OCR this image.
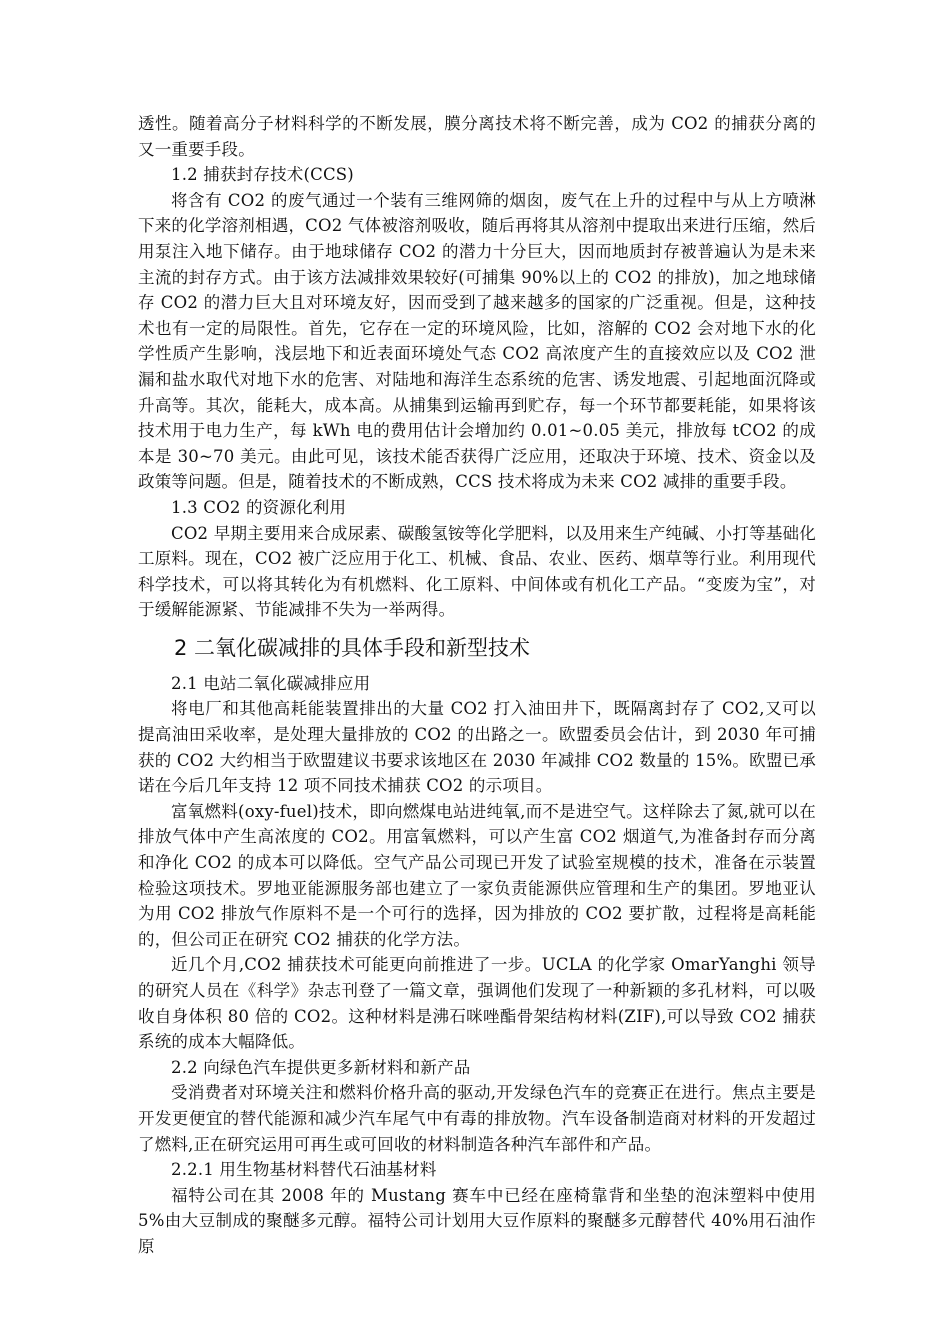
透性。随着高分子材料科学的不断发展，膜分离技术将不断完善，成为 CO2 的捕获分离的又一重要手段。

1.2 捕获封存技术(CCS)

将含有 CO2 的废气通过一个装有三维网筛的烟囱，废气在上升的过程中与从上方喷淋下来的化学溶剂相遇，CO2 气体被溶剂吸收，随后再将其从溶剂中提取出来进行压缩，然后用泵注入地下储存。由于地球储存 CO2 的潜力十分巨大，因而地质封存被普遍认为是未来主流的封存方式。由于该方法减排效果较好(可捕集 90%以上的 CO2 的排放)，加之地球储存 CO2 的潜力巨大且对环境友好，因而受到了越来越多的国家的广泛重视。但是，这种技术也有一定的局限性。首先，它存在一定的环境风险，比如，溶解的 CO2 会对地下水的化学性质产生影响，浅层地下和近表面环境处气态 CO2 高浓度产生的直接效应以及 CO2 泄漏和盐水取代对地下水的危害、对陆地和海洋生态系统的危害、诱发地震、引起地面沉降或升高等。其次，能耗大，成本高。从捕集到运输再到贮存，每一个环节都要耗能，如果将该技术用于电力生产，每 kWh 电的费用估计会增加约 0.01~0.05 美元，排放每 tCO2 的成本是 30~70 美元。由此可见，该技术能否获得广泛应用，还取决于环境、技术、资金以及政策等问题。但是，随着技术的不断成熟，CCS 技术将成为未来 CO2 减排的重要手段。

1.3 CO2 的资源化利用

CO2 早期主要用来合成尿素、碳酸氢铵等化学肥料，以及用来生产纯碱、小打等基础化工原料。现在，CO2 被广泛应用于化工、机械、食品、农业、医药、烟草等行业。利用现代科学技术，可以将其转化为有机燃料、化工原料、中间体或有机化工产品。“变废为宝”，对于缓解能源紧、节能减排不失为一举两得。

2 二氧化碳减排的具体手段和新型技术

2.1 电站二氧化碳减排应用

将电厂和其他高耗能装置排出的大量 CO2 打入油田井下，既隔离封存了 CO2,又可以提高油田采收率，是处理大量排放的 CO2 的出路之一。欧盟委员会估计，到 2030 年可捕获的 CO2 大约相当于欧盟建议书要求该地区在 2030 年减排 CO2 数量的 15%。欧盟已承诺在今后几年支持 12 项不同技术捕获 CO2 的示项目。

富氧燃料(oxy-fuel)技术，即向燃煤电站进纯氧,而不是进空气。这样除去了氮,就可以在排放气体中产生高浓度的 CO2。用富氧燃料，可以产生富 CO2 烟道气,为准备封存而分离和净化 CO2 的成本可以降低。空气产品公司现已开发了试验室规模的技术，准备在示装置检验这项技术。罗地亚能源服务部也建立了一家负责能源供应管理和生产的集团。罗地亚认为用 CO2 排放气作原料不是一个可行的选择，因为排放的 CO2 要扩散，过程将是高耗能的，但公司正在研究 CO2 捕获的化学方法。

近几个月,CO2 捕获技术可能更向前推进了一步。UCLA 的化学家 OmarYanghi 领导的研究人员在《科学》杂志刊登了一篇文章，强调他们发现了一种新颖的多孔材料，可以吸收自身体积 80 倍的 CO2。这种材料是沸石咪唑酯骨架结构材料(ZIF),可以导致 CO2 捕获系统的成本大幅降低。

2.2 向绿色汽车提供更多新材料和新产品

受消费者对环境关注和燃料价格升高的驱动,开发绿色汽车的竞赛正在进行。焦点主要是开发更便宜的替代能源和减少汽车尾气中有毒的排放物。汽车设备制造商对材料的开发超过了燃料,正在研究运用可再生或可回收的材料制造各种汽车部件和产品。

2.2.1 用生物基材料替代石油基材料

福特公司在其 2008 年的 Mustang 赛车中已经在座椅靠背和坐垫的泡沫塑料中使用 5%由大豆制成的聚醚多元醇。福特公司计划用大豆作原料的聚醚多元醇替代 40%用石油作原
